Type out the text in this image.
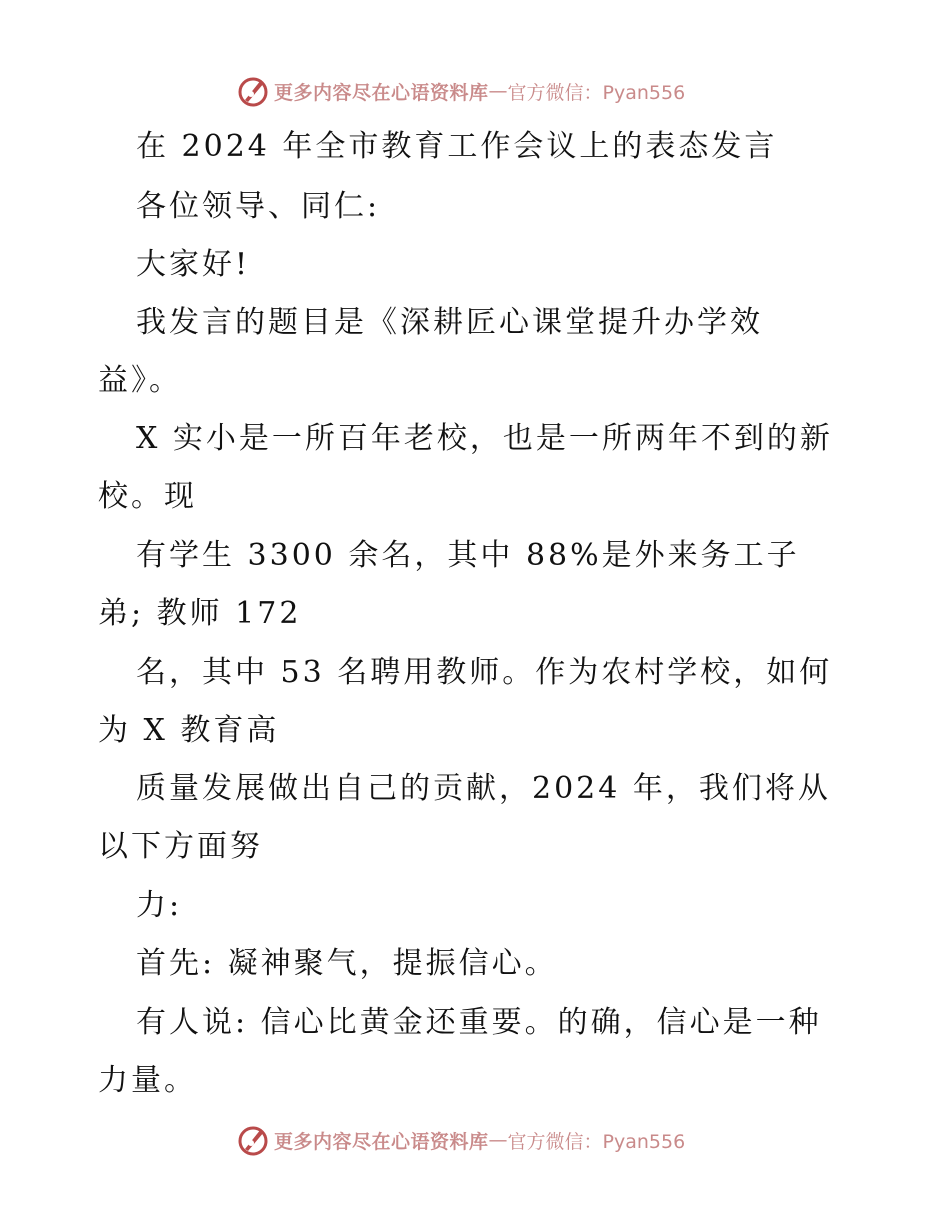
更多内容尽在心语资料库 — 官方微信：Pyan556
在 2024 年全市教育工作会议上的表态发言
各位领导、同仁:
大家好!
我发言的题目是《深耕匠心课堂提升办学效
益》。
X 实小是一所百年老校，也是一所两年不到的新
校。现
有学生 3300 余名，其中 88%是外来务工子
弟; 教师 172
名，其中 53 名聘用教师。作为农村学校，如何
为 X 教育高
质量发展做出自己的贡献，2024 年，我们将从
以下方面努
力:
首先: 凝神聚气，提振信心。
有人说: 信心比黄金还重要。的确，信心是一种
力量。
更多内容尽在心语资料库 — 官方微信：Pyan556
